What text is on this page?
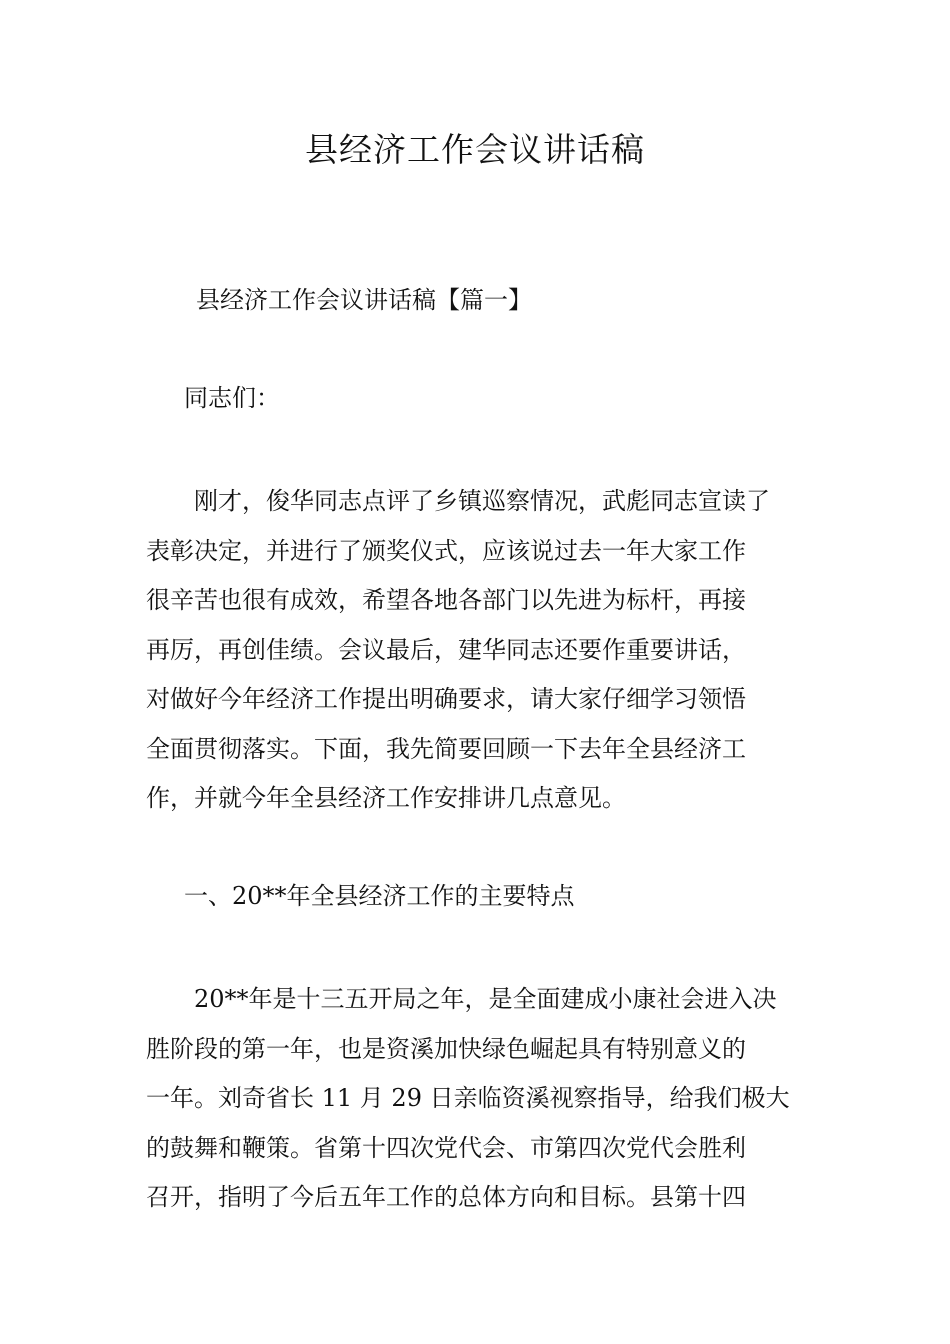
县经济工作会议讲话稿

县经济工作会议讲话稿【篇一】

同志们：

　　刚才，俊华同志点评了乡镇巡察情况，武彪同志宣读了
表彰决定，并进行了颁奖仪式，应该说过去一年大家工作
很辛苦也很有成效，希望各地各部门以先进为标杆，再接
再厉，再创佳绩。会议最后，建华同志还要作重要讲话，
对做好今年经济工作提出明确要求，请大家仔细学习领悟
全面贯彻落实。下面，我先简要回顾一下去年全县经济工
作，并就今年全县经济工作安排讲几点意见。

一、20**年全县经济工作的主要特点

　　20**年是十三五开局之年，是全面建成小康社会进入决
胜阶段的第一年，也是资溪加快绿色崛起具有特别意义的
一年。刘奇省长 11 月 29 日亲临资溪视察指导，给我们极大
的鼓舞和鞭策。省第十四次党代会、市第四次党代会胜利
召开，指明了今后五年工作的总体方向和目标。县第十四
